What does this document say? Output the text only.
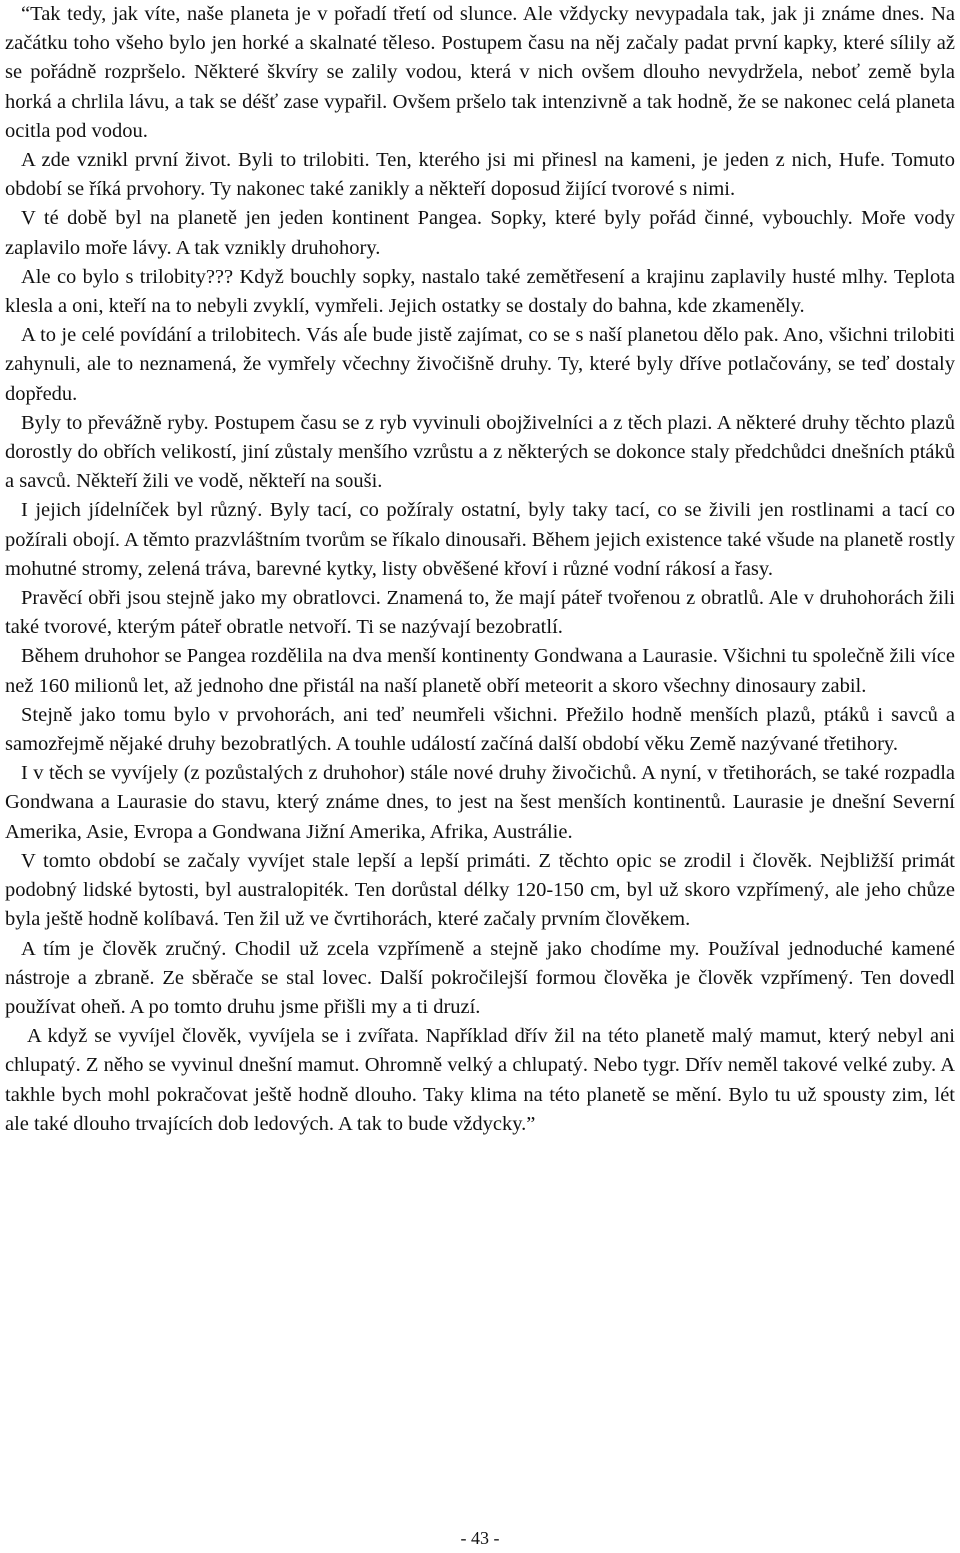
“Tak tedy, jak víte, naše planeta je v pořadí třetí od slunce. Ale vždycky nevypadala tak, jak ji známe dnes. Na začátku toho všeho bylo jen horké a skalnaté těleso. Postupem času na něj začaly padat první kapky, které sílily až se pořádně rozpršelo. Některé škvíry se zalily vodou, která v nich ovšem dlouho nevydržela, neboť země byla horká a chrlila lávu, a tak se déšť zase vypařil. Ovšem pršelo tak intenzivně a tak hodně, že se nakonec celá planeta ocitla pod vodou.

A zde vznikl první život. Byli to trilobiti. Ten, kterého jsi mi přinesl na kameni, je jeden z nich, Hufe. Tomuto období se říká prvohory. Ty nakonec také zanikly a někteří doposud žijící tvorové s nimi.

V té době byl na planetě jen jeden kontinent Pangea. Sopky, které byly pořád činné, vybouchly. Moře vody zaplavilo moře lávy. A tak vznikly druhohory.

Ale co bylo s trilobity??? Když bouchly sopky, nastalo také zemětřesení a krajinu zaplavily husté mlhy. Teplota klesla a oni, kteří na to nebyli zvyklí, vymřeli. Jejich ostatky se dostaly do bahna, kde zkameněly.

A to je celé povídání a trilobitech. Vás aĺe bude jistě zajímat, co se s naší planetou dělo pak. Ano, všichni trilobiti zahynuli, ale to neznamená, že vymřely včechny živočišně druhy. Ty, které byly dříve potlačovány, se teď dostaly dopředu.

Byly to převážně ryby. Postupem času se z ryb vyvinuli obojživelníci a z těch plazi. A některé druhy těchto plazů dorostly do obřích velikostí, jiní zůstaly menšího vzrůstu a z některých se dokonce staly předchůdci dnešních ptáků a savců. Někteří žili ve vodě, někteří na souši.

I jejich jídelníček byl různý. Byly tací, co požíraly ostatní, byly taky tací, co se živili jen rostlinami a tací co požírali obojí. A těmto prazvláštním tvorům se říkalo dinousaři. Během jejich existence také všude na planetě rostly mohutné stromy, zelená tráva, barevné kytky, listy obvěšené křoví i různé vodní rákosí a řasy.

Pravěcí obři jsou stejně jako my obratlovci. Znamená to, že mají páteř tvořenou z obratlů. Ale v druhohorách žili také tvorové, kterým páteř obratle netvoří. Ti se nazývají bezobratlí.

Během druhohor se Pangea rozdělila na dva menší kontinenty Gondwana a Laurasie. Všichni tu společně žili více než 160 milionů let, až jednoho dne přistál na naší planetě obří meteorit a skoro všechny dinosaury zabil.

Stejně jako tomu bylo v prvohorách, ani teď neumřeli všichni. Přežilo hodně menších plazů, ptáků i savců a samozřejmě nějaké druhy bezobratlých. A touhle událostí začíná další období věku Země nazývané třetihory.

I v těch se vyvíjely (z pozůstalých z druhohor) stále nové druhy živočichů. A nyní, v třetihorách, se také rozpadla Gondwana a Laurasie do stavu, který známe dnes, to jest na šest menších kontinentů. Laurasie je dnešní Severní Amerika, Asie, Evropa a Gondwana Jižní Amerika, Afrika, Austrálie.

V tomto období se začaly vyvíjet stale lepší a lepší primáti. Z těchto opic se zrodil i člověk. Nejbližší primát podobný lidské bytosti, byl australopiték. Ten dorůstal délky 120-150 cm, byl už skoro vzpřímený, ale jeho chůze byla ještě hodně kolíbavá. Ten žil už ve čvrtihorách, které začaly prvním člověkem.

A tím je člověk zručný. Chodil už zcela vzpřímeně a stejně jako chodíme my. Používal jednoduché kamené nástroje a zbraně. Ze sběrače se stal lovec. Další pokročilejší formou člověka je člověk vzpřímený. Ten dovedl používat oheň. A po tomto druhu jsme přišli my a ti druzí.

A když se vyvíjel člověk, vyvíjela se i zvířata. Například dřív žil na této planetě malý mamut, který nebyl ani chlupatý. Z něho se vyvinul dnešní mamut. Ohromně velký a chlupatý. Nebo tygr. Dřív neměl takové velké zuby. A takhle bych mohl pokračovat ještě hodně dlouho. Taky klima na této planetě se mění. Bylo tu už spousty zim, lét ale také dlouho trvajících dob ledových. A tak to bude vždycky.”

- 43 -
